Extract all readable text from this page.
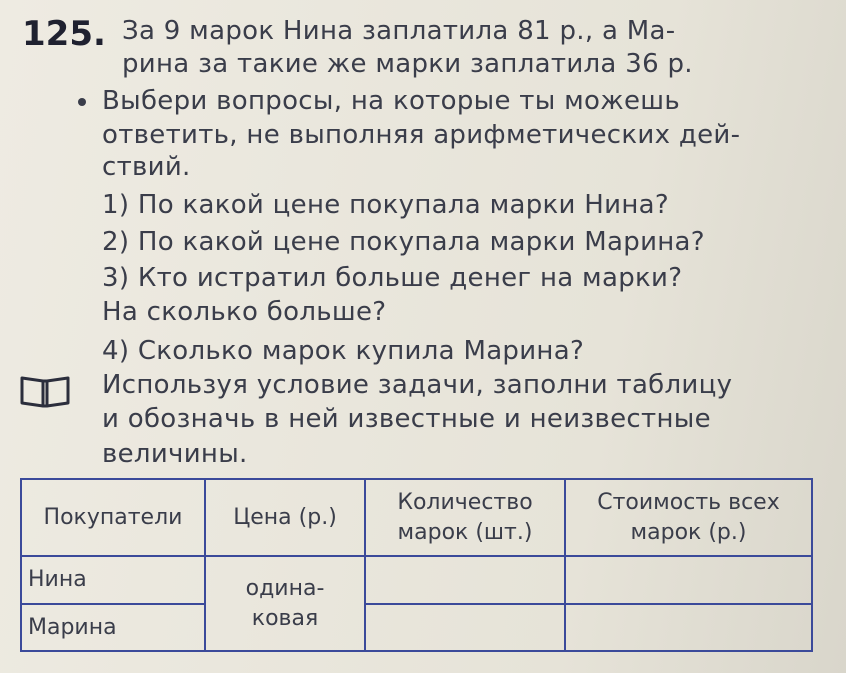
125. За 9 марок Нина заплатила 81 р., а Ма-
рина за такие же марки заплатила 36 р.
Выбери вопросы, на которые ты можешь
ответить, не выполняя арифметических дей-
ствий.
1) По какой цене покупала марки Нина?
2) По какой цене покупала марки Марина?
3) Кто истратил больше денег на марки?
На сколько больше?
4) Сколько марок купила Марина?
Используя условие задачи, заполни таблицу
и обозначь в ней известные и неизвестные
величины.
Покупатели	Цена (р.)	Количество марок (шт.)	Стоимость всех марок (р.)
Нина	одина- ковая		
Марина			
